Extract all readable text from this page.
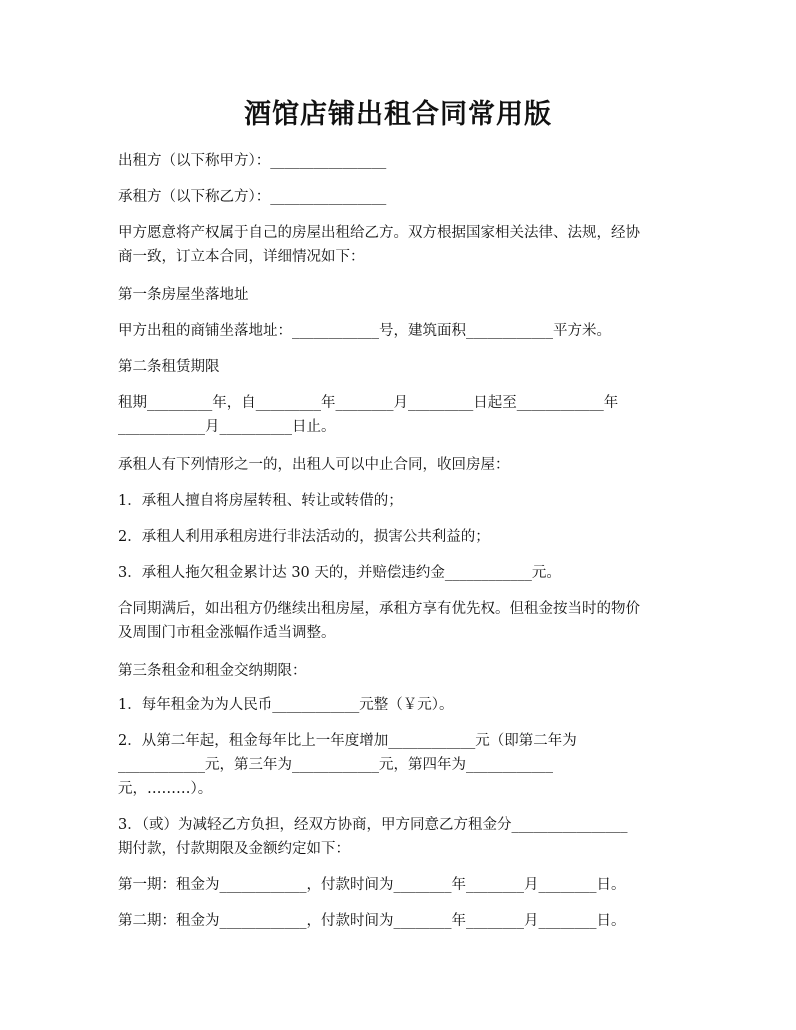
酒馆店铺出租合同常用版
出租方（以下称甲方）：________________
承租方（以下称乙方）：________________
甲方愿意将产权属于自己的房屋出租给乙方。双方根据国家相关法律、法规，经协
商一致，订立本合同，详细情况如下：
第一条房屋坐落地址
甲方出租的商铺坐落地址：____________号，建筑面积____________平方米。
第二条租赁期限
租期_________年，自_________年________月_________日起至____________年
____________月__________日止。
承租人有下列情形之一的，出租人可以中止合同，收回房屋：
1．承租人擅自将房屋转租、转让或转借的；
2．承租人利用承租房进行非法活动的，损害公共利益的；
3．承租人拖欠租金累计达 30 天的，并赔偿违约金____________元。
合同期满后，如出租方仍继续出租房屋，承租方享有优先权。但租金按当时的物价
及周围门市租金涨幅作适当调整。
第三条租金和租金交纳期限：
1．每年租金为为人民币____________元整（￥元）。
2．从第二年起，租金每年比上一年度增加____________元（即第二年为
____________元，第三年为____________元，第四年为____________
元，………）。
3．（或）为减轻乙方负担，经双方协商，甲方同意乙方租金分________________
期付款，付款期限及金额约定如下：
第一期：租金为____________，付款时间为________年________月________日。
第二期：租金为____________，付款时间为________年________月________日。
